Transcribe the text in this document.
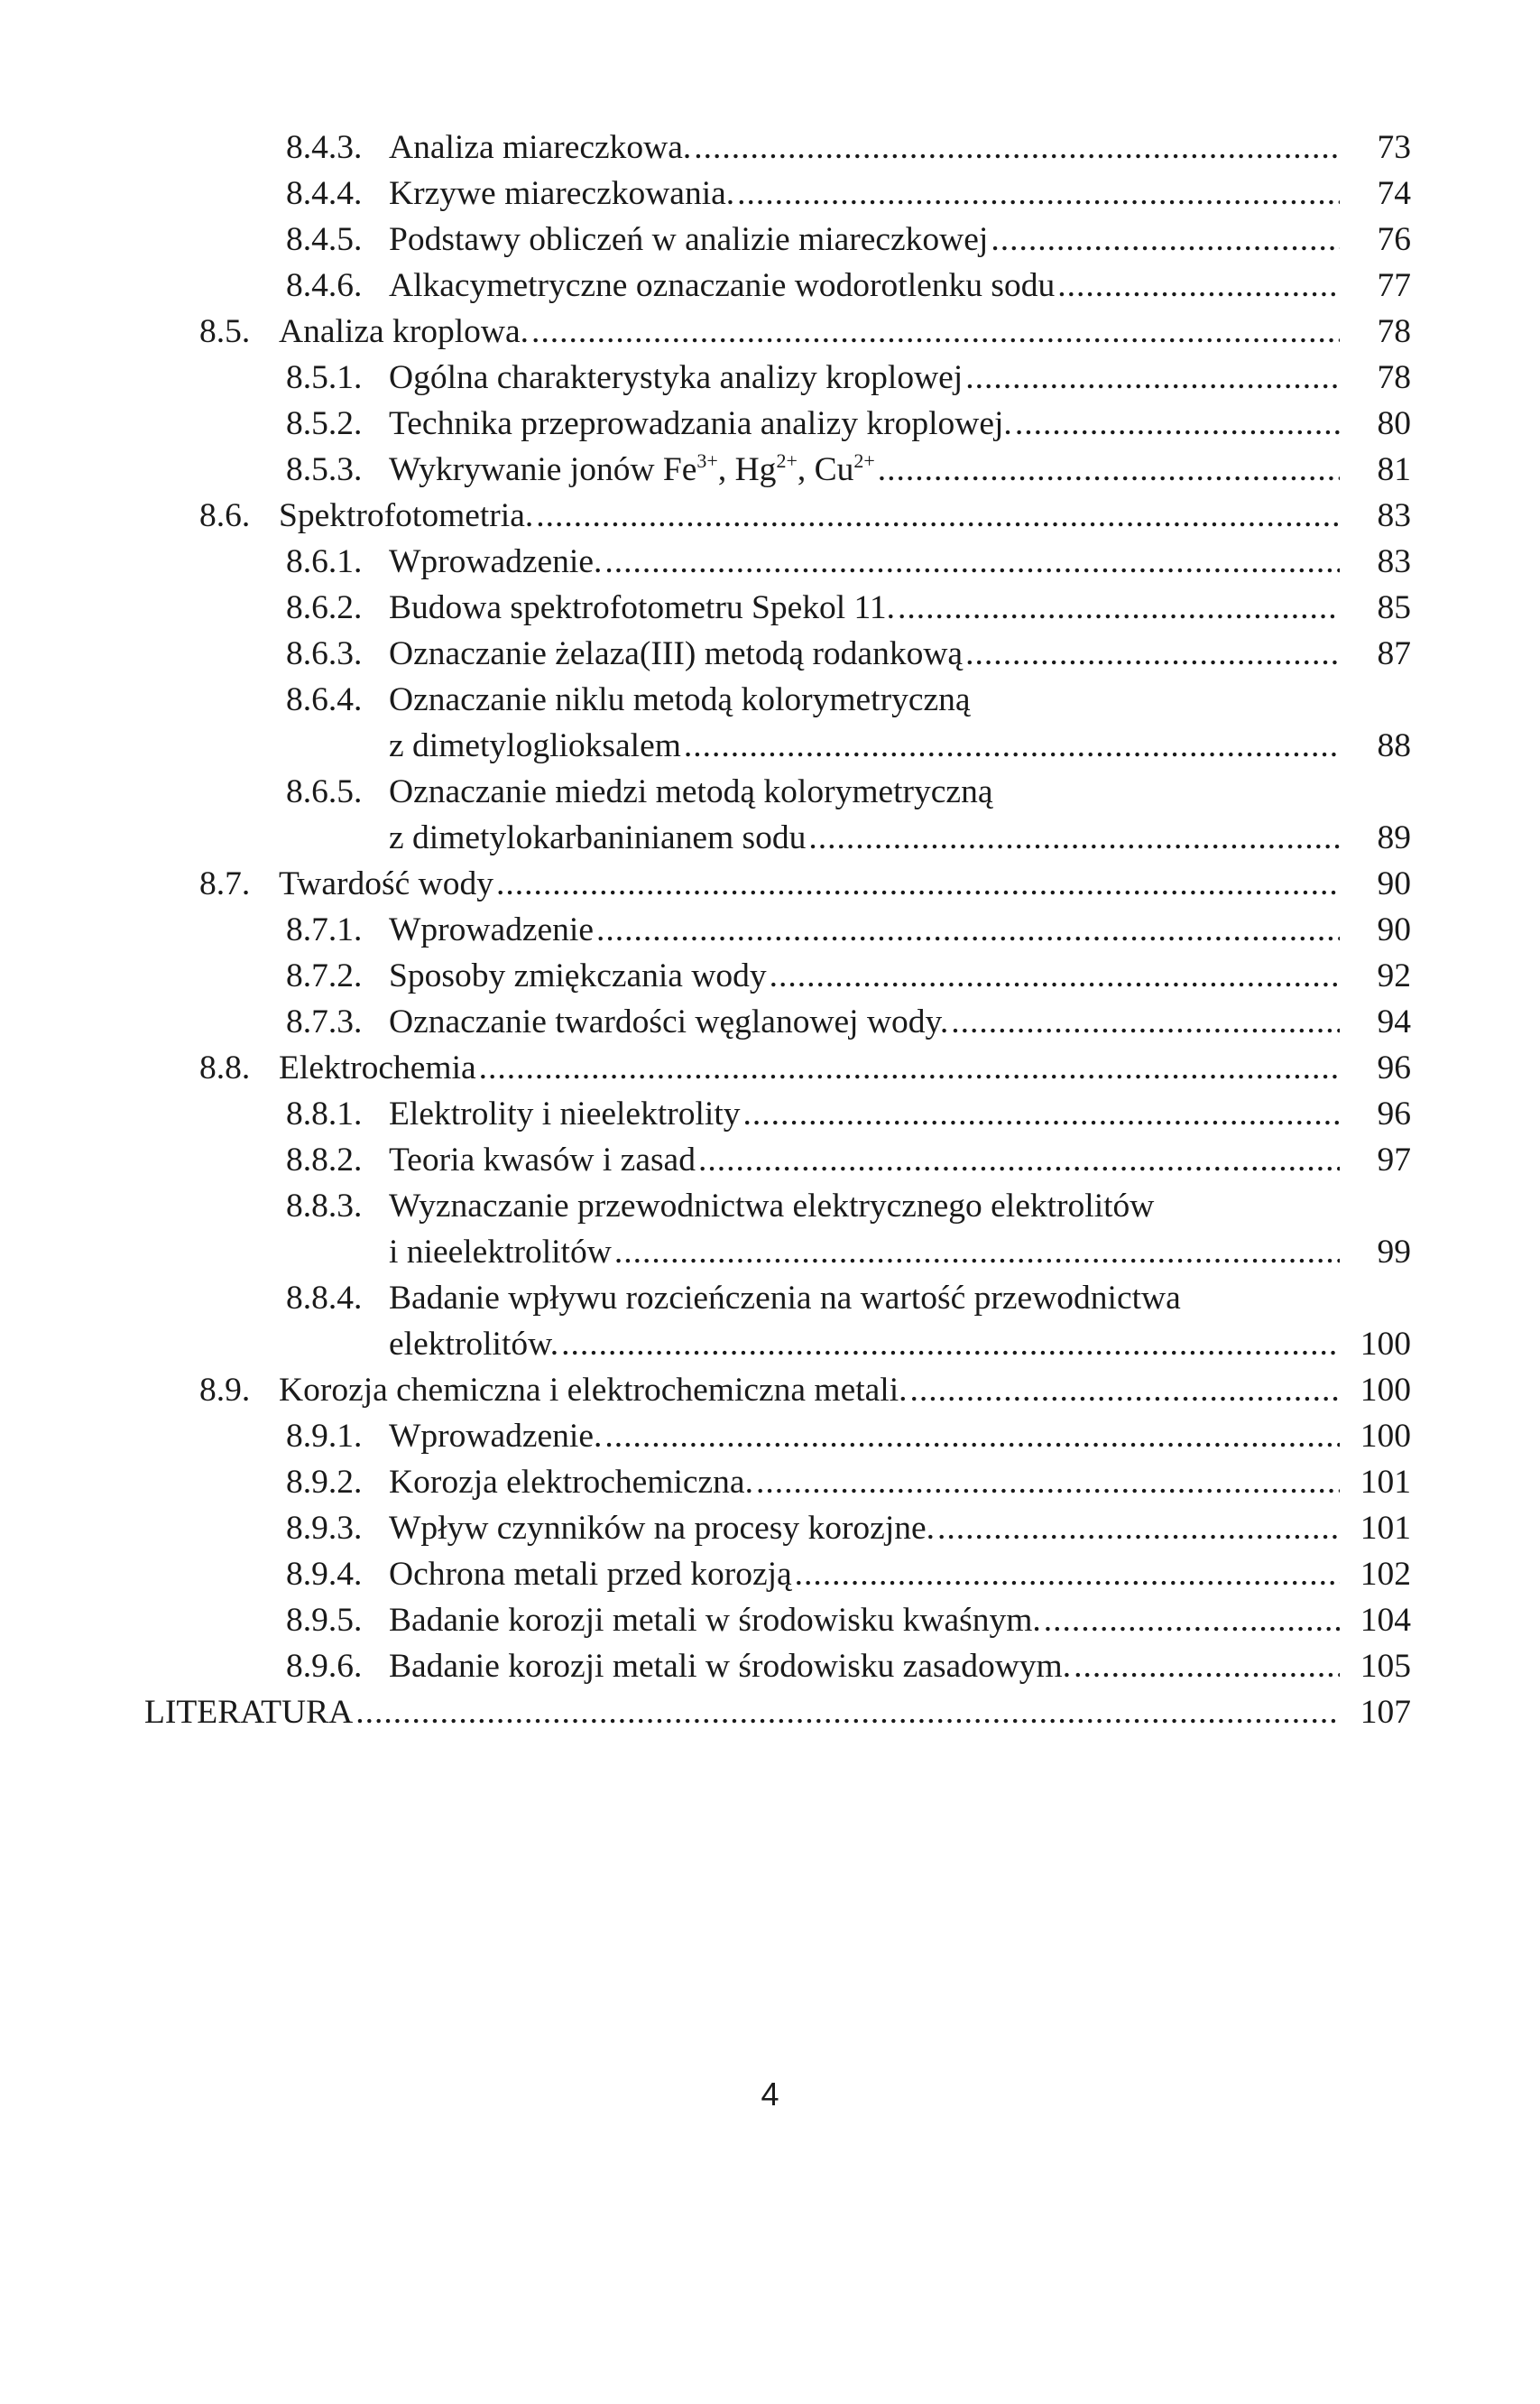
8.4.3. Analiza miareczkowa. .....	73
8.4.4. Krzywe miareczkowania. .....	74
8.4.5. Podstawy obliczeń w analizie miareczkowej .....	76
8.4.6. Alkacymetryczne oznaczanie wodorotlenku sodu .....	77
8.5. Analiza kroplowa. .....	78
8.5.1. Ogólna charakterystyka analizy kroplowej .....	78
8.5.2. Technika przeprowadzania analizy kroplowej. .....	80
8.5.3. Wykrywanie jonów $Fe^{3+}$, $Hg^{2+}$, $Cu^{2+}$ .....	81
8.6. Spektrofotometria. .....	83
8.6.1. Wprowadzenie. .....	83
8.6.2. Budowa spektrofotometru Spekol 11. .....	85
8.6.3. Oznaczanie żelaza(III) metodą rodankową .....	87
8.6.4. Oznaczanie niklu metodą kolorymetryczną
z dimetyloglioksalem .....	88
8.6.5. Oznaczanie miedzi metodą kolorymetryczną
z dimetylokarbaninianem sodu .....	89
8.7. Twardość wody .....	90
8.7.1. Wprowadzenie .....	90
8.7.2. Sposoby zmiękczania wody .....	92
8.7.3. Oznaczanie twardości węglanowej wody. .....	94
8.8. Elektrochemia .....	96
8.8.1. Elektrolity i nieelektrolity .....	96
8.8.2. Teoria kwasów i zasad .....	97
8.8.3. Wyznaczanie przewodnictwa elektrycznego elektrolitów
i nieelektrolitów .....	99
8.8.4. Badanie wpływu rozcieńczenia na wartość przewodnictwa
elektrolitów. .....	100
8.9. Korozja chemiczna i elektrochemiczna metali. .....	100
8.9.1. Wprowadzenie. .....	100
8.9.2. Korozja elektrochemiczna. .....	101
8.9.3. Wpływ czynników na procesy korozjne. .....	101
8.9.4. Ochrona metali przed korozją .....	102
8.9.5. Badanie korozji metali w środowisku kwaśnym. .....	104
8.9.6. Badanie korozji metali w środowisku zasadowym. .....	105
LITERATURA .....	107
4
